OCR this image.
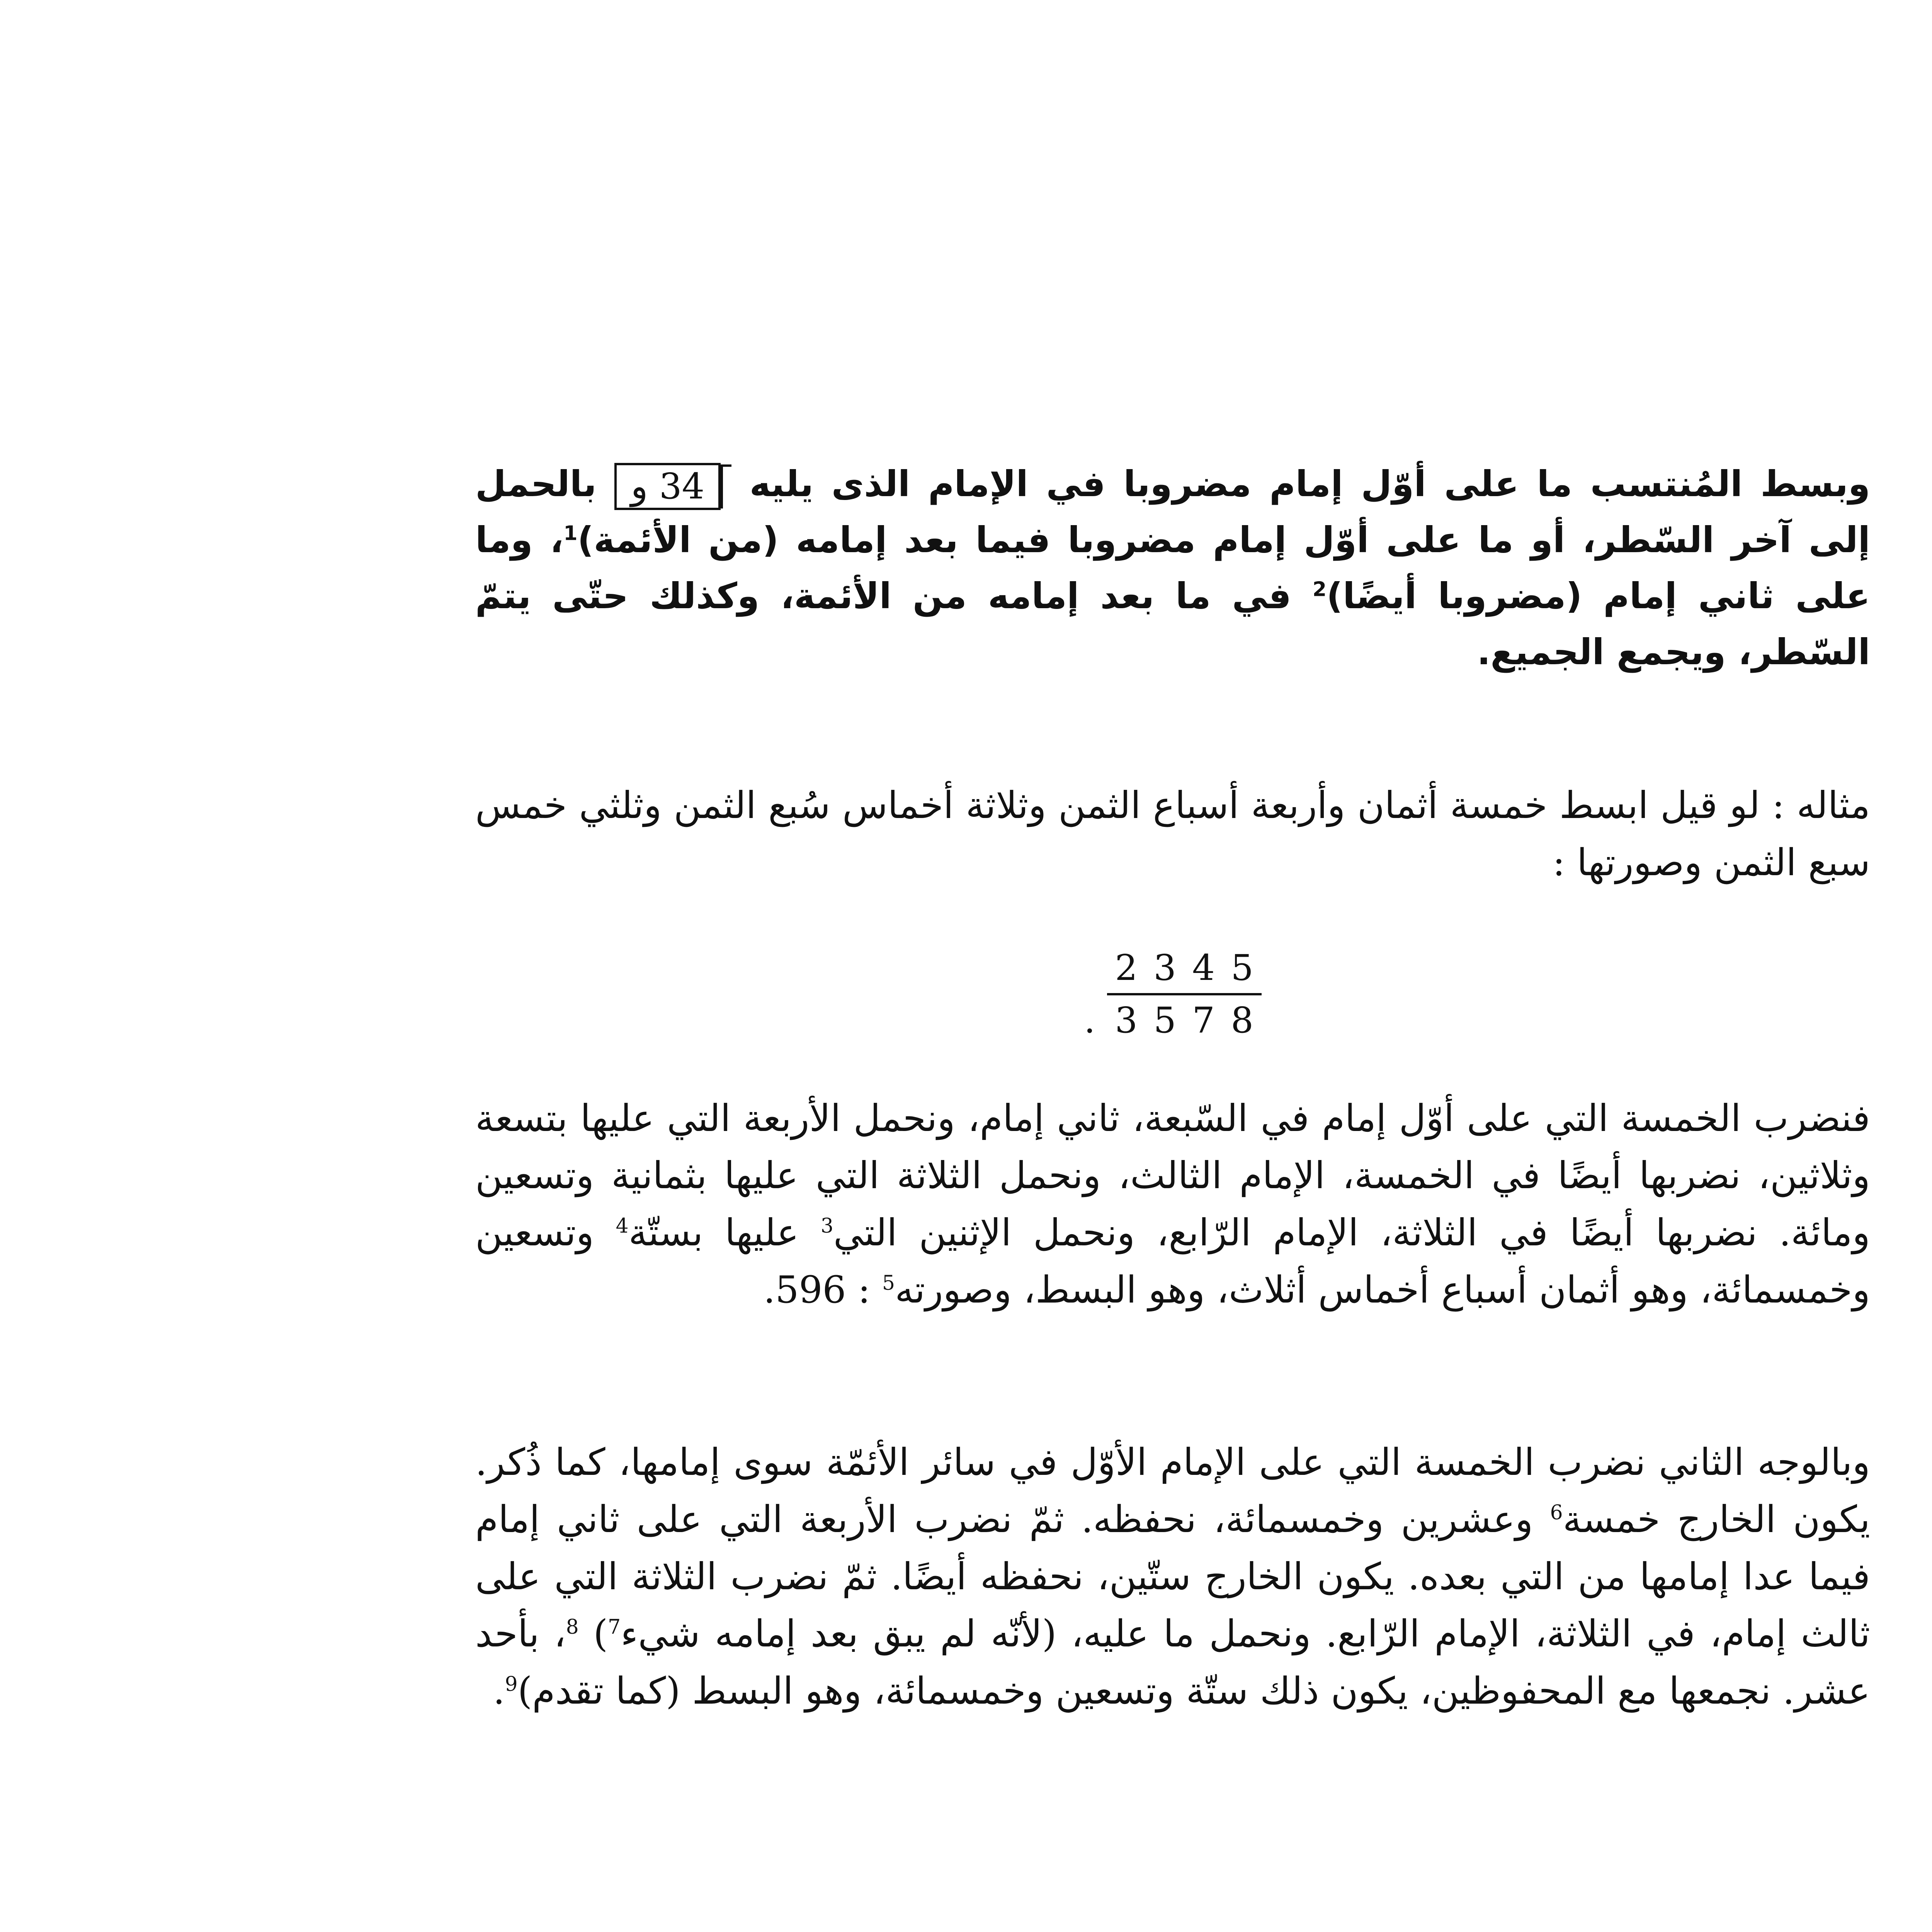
وبسط المُنتسب ما على أوّل إمام مضروبا في الإمام الذى يليه 34 و بالحمل إلى آخر السّطر، أو ما على أوّل إمام مضروبا فيما بعد إمامه (من الأئمة)$^1$، وما على ثاني إمام (مضروبا أيضًا)$^2$ في ما بعد إمامه من الأئمة، وكذلك حتّى يتمّ السّطر، ويجمع الجميع.

مثاله : لو قيل ابسط خمسة أثمان وأربعة أسباع الثمن وثلاثة أخماس سُبع الثمن وثلثي خمس سبع الثمن وصورتها :

.
2 3 4 5
3 5 7 8

فنضرب الخمسة التي على أوّل إمام في السّبعة، ثاني إمام، ونحمل الأربعة التي عليها بتسعة وثلاثين، نضربها أيضًا في الخمسة، الإمام الثالث، ونحمل الثلاثة التي عليها بثمانية وتسعين ومائة. نضربها أيضًا في الثلاثة، الإمام الرّابع، ونحمل الإثنين التي$^3$ عليها بستّة$^4$ وتسعين وخمسمائة، وهو أثمان أسباع أخماس أثلاث، وهو البسط، وصورته$^5$ : 596.

وبالوجه الثاني نضرب الخمسة التي على الإمام الأوّل في سائر الأئمّة سوى إمامها، كما ذُكر. يكون الخارج خمسة$^6$ وعشرين وخمسمائة، نحفظه. ثمّ نضرب الأربعة التي على ثاني إمام فيما عدا إمامها من التي بعده. يكون الخارج ستّين، نحفظه أيضًا. ثمّ نضرب الثلاثة التي على ثالث إمام، في الثلاثة، الإمام الرّابع. ونحمل ما عليه، (لأنّه لم يبق بعد إمامه شيء$^7$) $^8$، بأحد عشر. نجمعها مع المحفوظين، يكون ذلك ستّة وتسعين وخمسمائة، وهو البسط (كما تقدم)$^9$.
